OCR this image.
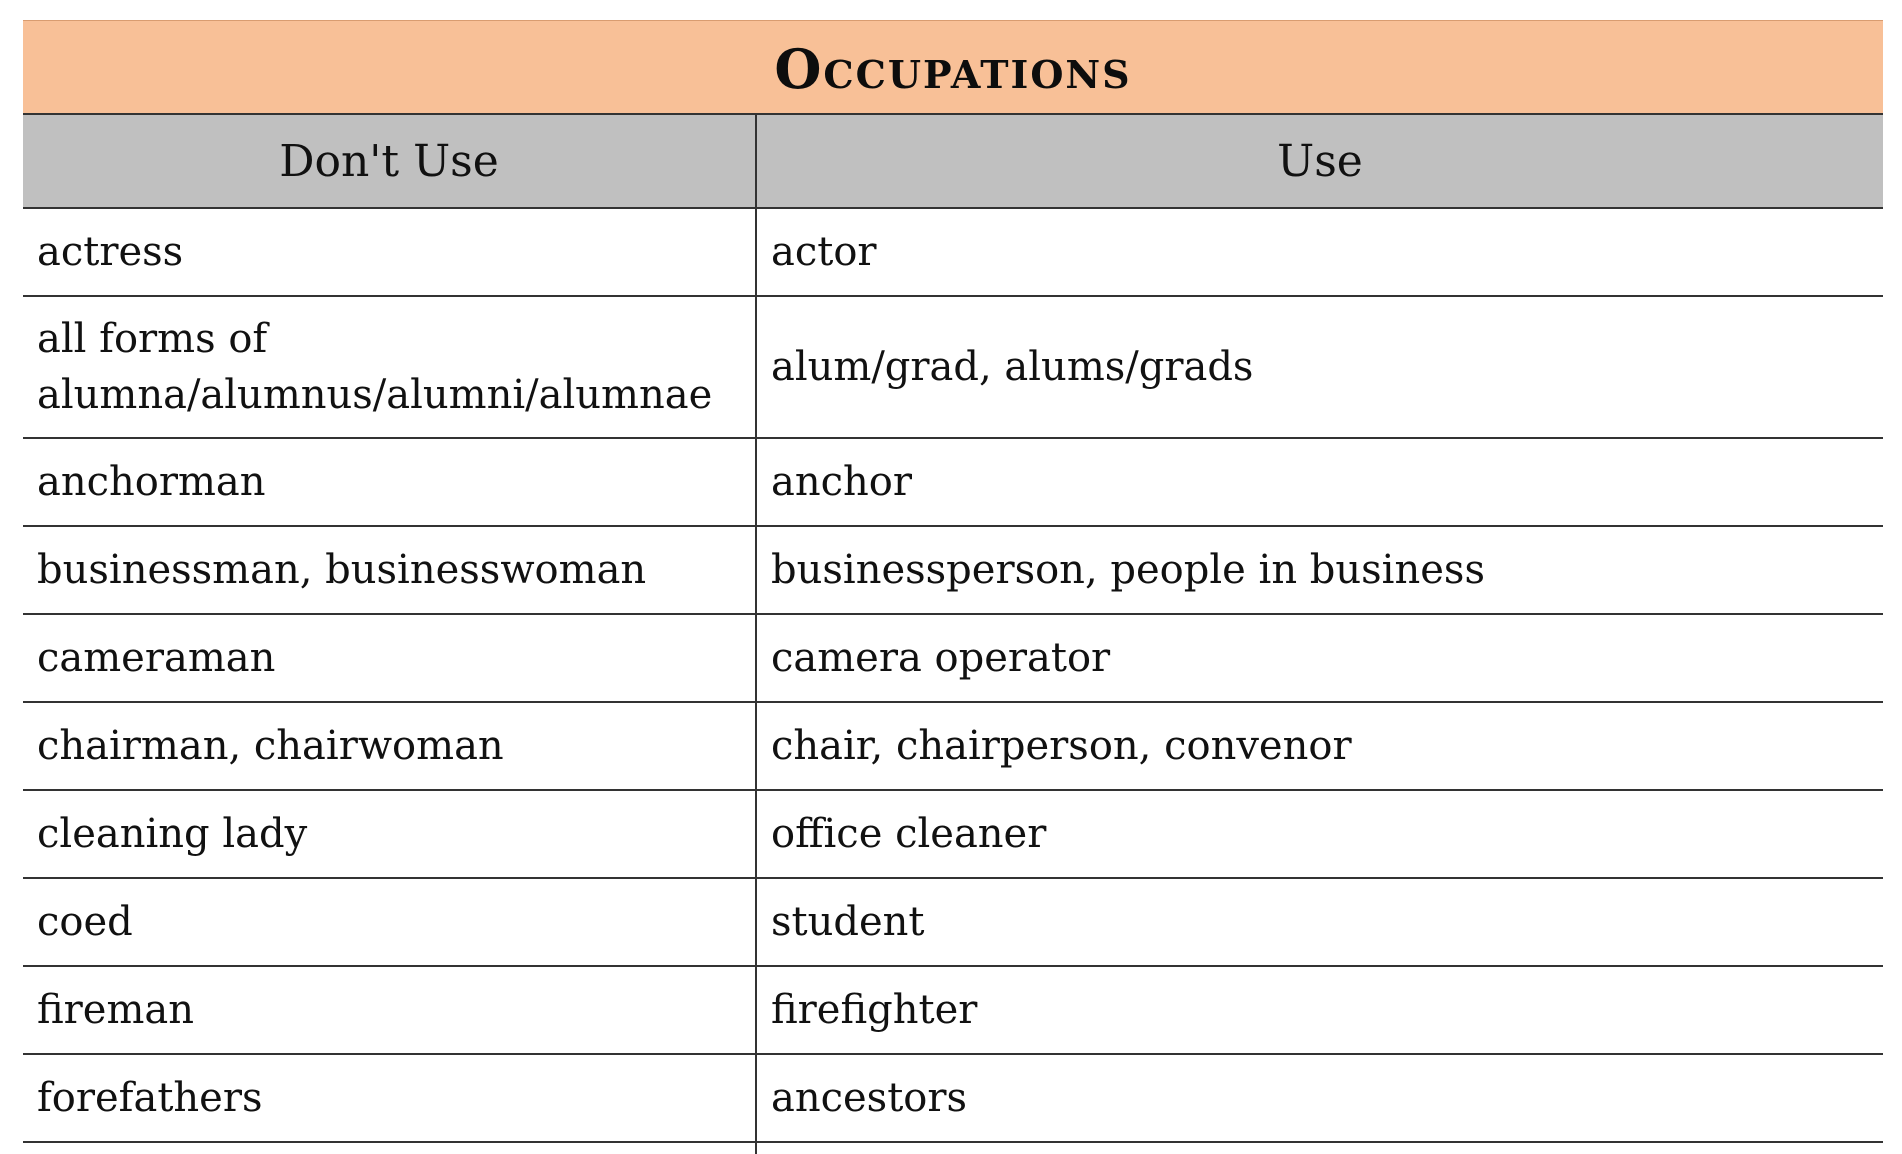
Occupations
Don't Use	Use
actress	actor
all forms of alumna/alumnus/alumni/alumnae	alum/grad, alums/grads
anchorman	anchor
businessman, businesswoman	businessperson, people in business
cameraman	camera operator
chairman, chairwoman	chair, chairperson, convenor
cleaning lady	office cleaner
coed	student
fireman	firefighter
forefathers	ancestors
